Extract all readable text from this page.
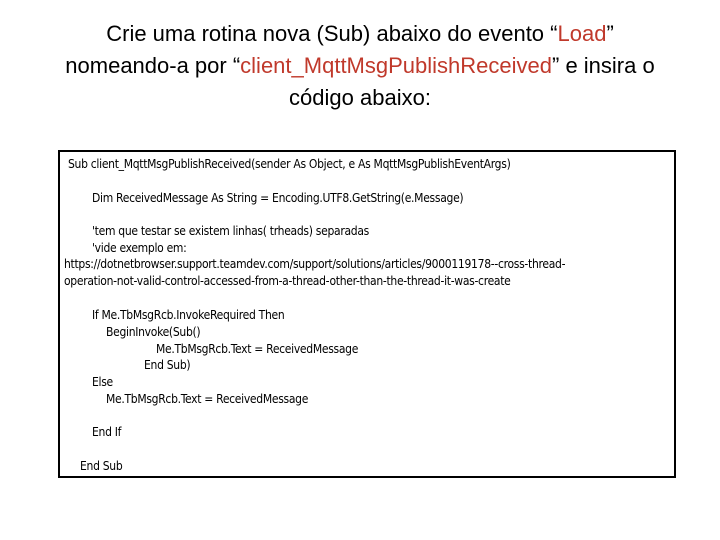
Crie uma rotina nova (Sub) abaixo do evento “Load”
nomeando-a por “client_MqttMsgPublishReceived” e insira o
código abaixo:
Sub client_MqttMsgPublishReceived(sender As Object, e As MqttMsgPublishEventArgs)
Dim ReceivedMessage As String = Encoding.UTF8.GetString(e.Message)
'tem que testar se existem linhas( trheads) separadas
'vide exemplo em:
https://dotnetbrowser.support.teamdev.com/support/solutions/articles/9000119178--cross-thread-
operation-not-valid-control-accessed-from-a-thread-other-than-the-thread-it-was-create
If Me.TbMsgRcb.InvokeRequired Then
BeginInvoke(Sub()
Me.TbMsgRcb.Text = ReceivedMessage
End Sub)
Else
Me.TbMsgRcb.Text = ReceivedMessage
End If
End Sub
